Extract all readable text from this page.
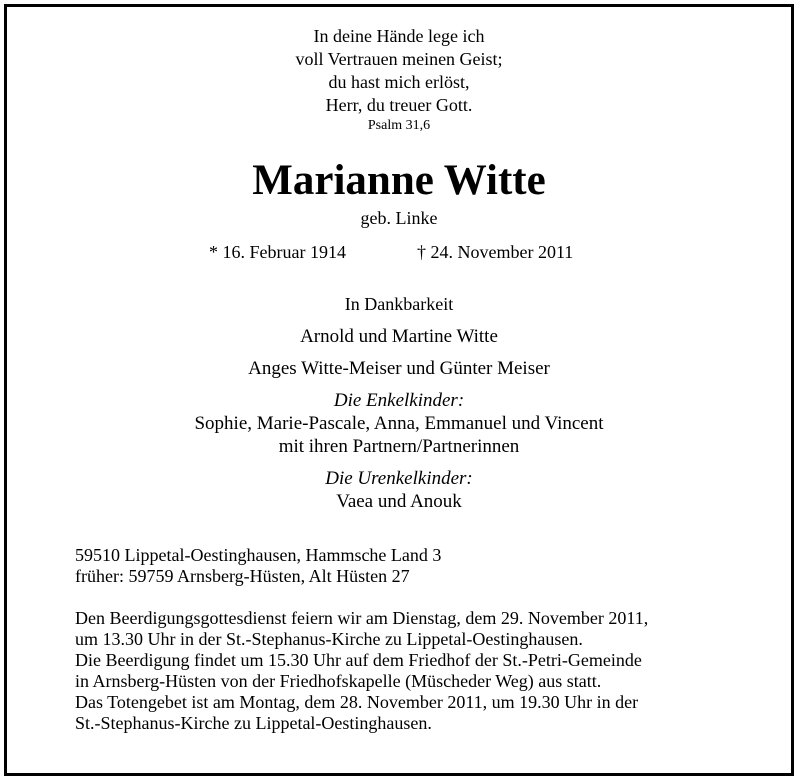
In deine Hände lege ich
voll Vertrauen meinen Geist;
du hast mich erlöst,
Herr, du treuer Gott.
Psalm 31,6
Marianne Witte
geb. Linke
* 16. Februar 1914	† 24. November 2011
In Dankbarkeit
Arnold und Martine Witte
Anges Witte-Meiser und Günter Meiser
Die Enkelkinder:
Sophie, Marie-Pascale, Anna, Emmanuel und Vincent
mit ihren Partnern/Partnerinnen
Die Urenkelkinder:
Vaea und Anouk
59510 Lippetal-Oestinghausen, Hammsche Land 3
früher: 59759 Arnsberg-Hüsten, Alt Hüsten 27
Den Beerdigungsgottesdienst feiern wir am Dienstag, dem 29. November 2011,
um 13.30 Uhr in der St.-Stephanus-Kirche zu Lippetal-Oestinghausen.
Die Beerdigung findet um 15.30 Uhr auf dem Friedhof der St.-Petri-Gemeinde
in Arnsberg-Hüsten von der Friedhofskapelle (Müscheder Weg) aus statt.
Das Totengebet ist am Montag, dem 28. November 2011, um 19.30 Uhr in der
St.-Stephanus-Kirche zu Lippetal-Oestinghausen.
